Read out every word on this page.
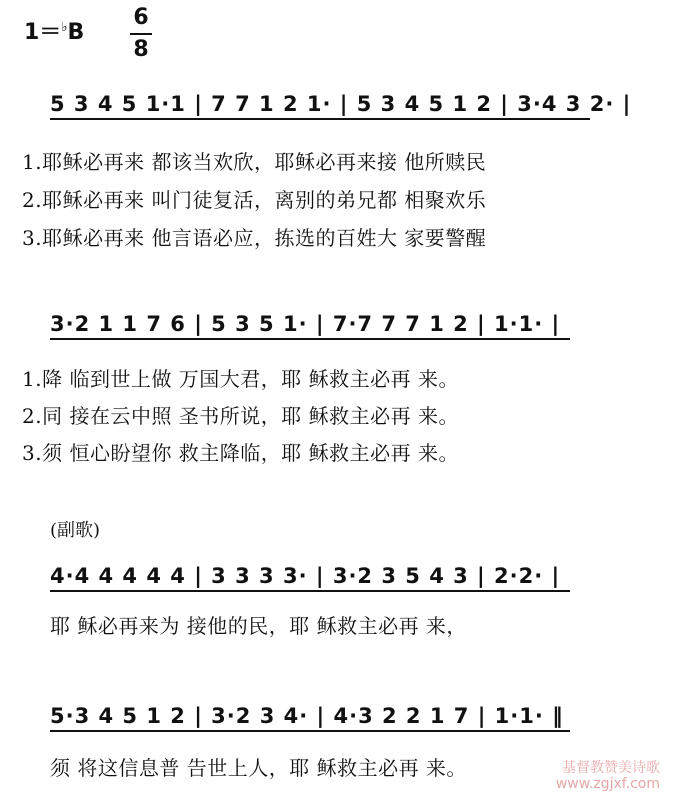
1＝♭B
6
8
5 3 4 5 1·1 | 7 7 1 2 1· | 5 3 4 5 1 2 | 3·4 3 2· |
1.耶稣必再来 都该当欢欣，耶稣必再来接 他所赎民
2.耶稣必再来 叫门徒复活，离别的弟兄都 相聚欢乐
3.耶稣必再来 他言语必应，拣选的百姓大 家要警醒
3·2 1 1 7 6 | 5 3 5 1· | 7·7 7 7 1 2 | 1·1· |
1.降 临到世上做 万国大君，耶 稣救主必再 来。
2.同 接在云中照 圣书所说，耶 稣救主必再 来。
3.须 恒心盼望你 救主降临，耶 稣救主必再 来。
(副歌)
4·4 4 4 4 4 | 3 3 3 3· | 3·2 3 5 4 3 | 2·2· |
耶 稣必再来为 接他的民，耶 稣救主必再 来，
5·3 4 5 1 2 | 3·2 3 4· | 4·3 2 2 1 7 | 1·1· ‖
须 将这信息普 告世上人，耶 稣救主必再 来。	基督教赞美诗歌
www.zgjxf.com
